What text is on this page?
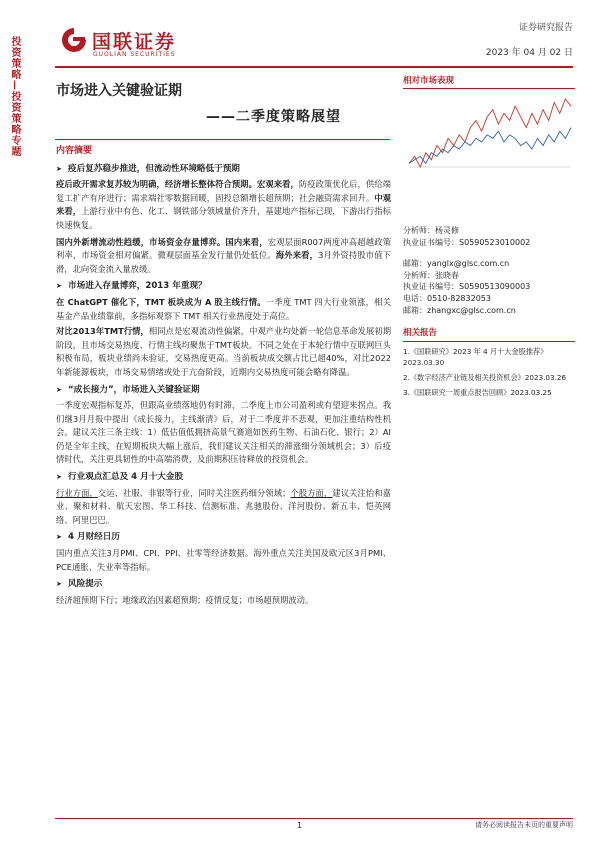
投资策略—投资策略专题
国联证券
GUOLIAN SECURITIES
证券研究报告
2023 年 04 月 02 日
市场进入关键验证期
——二季度策略展望
内容摘要
➤ 疫后复苏稳步推进，但流动性环境略低于预期
疫后政开需求复苏较为明确，经济增长整体符合预期。宏观来看，防疫政策优化后，供给端复工扩产有序进行；需求端社零数据回暖，固投总额增长超预期；社会融资需求回升。中观来看，上游行业中有色、化工、钢铁部分领域量价齐升，基建地产指标已现，下游出行指标快速恢复。
国内外新增流动性趋缓，市场资金存量博弈。国内来看，宏观层面R007两度冲高超越政策利率，市场资金相对偏紧。微观层面基金发行量仍处低位。海外来看，3月外资持股市值下滑，北向资金流入量放缓。
➤ 市场进入存量博弈，2013 年重现？
在 ChatGPT 催化下，TMT 板块成为 A 股主线行情。一季度 TMT 四大行业领涨，相关基金产品业绩靠前，多指标观察下 TMT 相关行业热度处于高位。
对比2013年TMT行情，相同点是宏观流动性偏紧，中观产业均处新一轮信息革命发展初期阶段，且市场交易热度、行情主线均聚焦于TMT板块。不同之处在于本轮行情中互联网巨头积极布局，板块业绩尚未验证，交易热度更高。当前板块成交额占比已超40%，对比2022年新能源板块，市场交易情绪或处于亢奋阶段，近期内交易热度可能会略有降温。
➤ “成长接力”，市场进入关键验证期
一季度宏观指标复苏，但跟高业绩落地仍有时滞，二季度上市公司盈利或有望迎来拐点。我们继3月月报中提出《成长接力，主线渐清》后，对于二季度并不悲观，更加注重结构性机会。建议关注三条主线：1）低估值低拥挤高景气赛道如医药生物、石油石化、银行；2）AI仍是全年主线，在短期板块大幅上涨后，我们建议关注相关的滞涨细分领域机会；3）后疫情时代，关注更具韧性的中高端消费，及前期积压待释放的投资机会。
➤ 行业观点汇总及 4 月十大金股
行业方面，交运、社服、非银等行业，同时关注医药细分领域；个股方面，建议关注怡和嘉业、聚和材料、航天宏图、华工科技、信测标准、兆驰股份、洋河股份、新五丰、恺英网络、阿里巴巴。
➤ 4 月财经日历
国内重点关注3月PMI、CPI、PPI、社零等经济数据。海外重点关注美国及欧元区3月PMI、PCE通胀、失业率等指标。
➤ 风险提示
经济超预期下行；地缘政治因素超预期；疫情反复；市场超预期波动。
相对市场表现
分析师：杨灵修
执业证书编号：S0590523010002
邮箱：yanglx@glsc.com.cn
分析师：张晓春
执业证书编号：S0590513090003
电话：0510-82832053
邮箱：zhangxc@glsc.com.cn
相关报告
1.《国联研究》2023 年 4 月十大金股推荐》
2023.03.30
2.《数字经济产业链及相关投资机会》2023.03.26
3.《国联研究一周重点报告回顾》2023.03.25
1	请务必阅读报告末页的重要声明
